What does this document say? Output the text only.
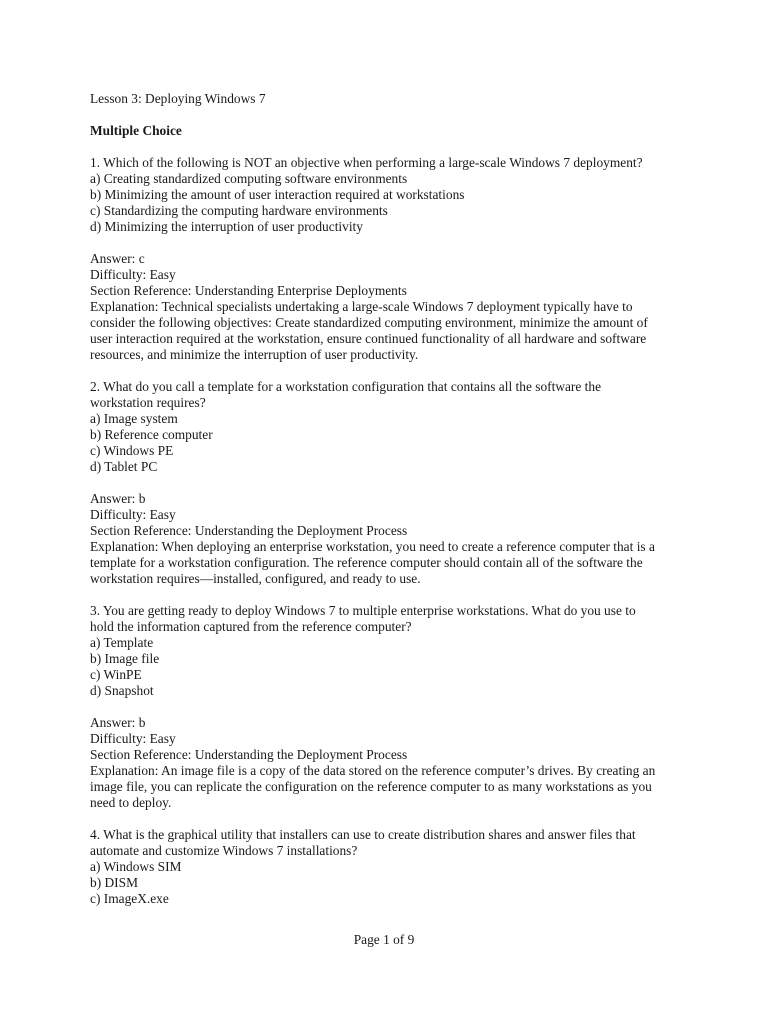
Lesson 3: Deploying Windows 7
Multiple Choice
1. Which of the following is NOT an objective when performing a large-scale Windows 7 deployment?
a) Creating standardized computing software environments
b) Minimizing the amount of user interaction required at workstations
c) Standardizing the computing hardware environments
d) Minimizing the interruption of user productivity
Answer: c
Difficulty: Easy
Section Reference: Understanding Enterprise Deployments
Explanation: Technical specialists undertaking a large-scale Windows 7 deployment typically have to
consider the following objectives: Create standardized computing environment, minimize the amount of
user interaction required at the workstation, ensure continued functionality of all hardware and software
resources, and minimize the interruption of user productivity.
2. What do you call a template for a workstation configuration that contains all the software the
workstation requires?
a) Image system
b) Reference computer
c) Windows PE
d) Tablet PC
Answer: b
Difficulty: Easy
Section Reference: Understanding the Deployment Process
Explanation: When deploying an enterprise workstation, you need to create a reference computer that is a
template for a workstation configuration. The reference computer should contain all of the software the
workstation requires—installed, configured, and ready to use.
3. You are getting ready to deploy Windows 7 to multiple enterprise workstations. What do you use to
hold the information captured from the reference computer?
a) Template
b) Image file
c) WinPE
d) Snapshot
Answer: b
Difficulty: Easy
Section Reference: Understanding the Deployment Process
Explanation: An image file is a copy of the data stored on the reference computer’s drives. By creating an
image file, you can replicate the configuration on the reference computer to as many workstations as you
need to deploy.
4. What is the graphical utility that installers can use to create distribution shares and answer files that
automate and customize Windows 7 installations?
a) Windows SIM
b) DISM
c) ImageX.exe
Page 1 of 9
